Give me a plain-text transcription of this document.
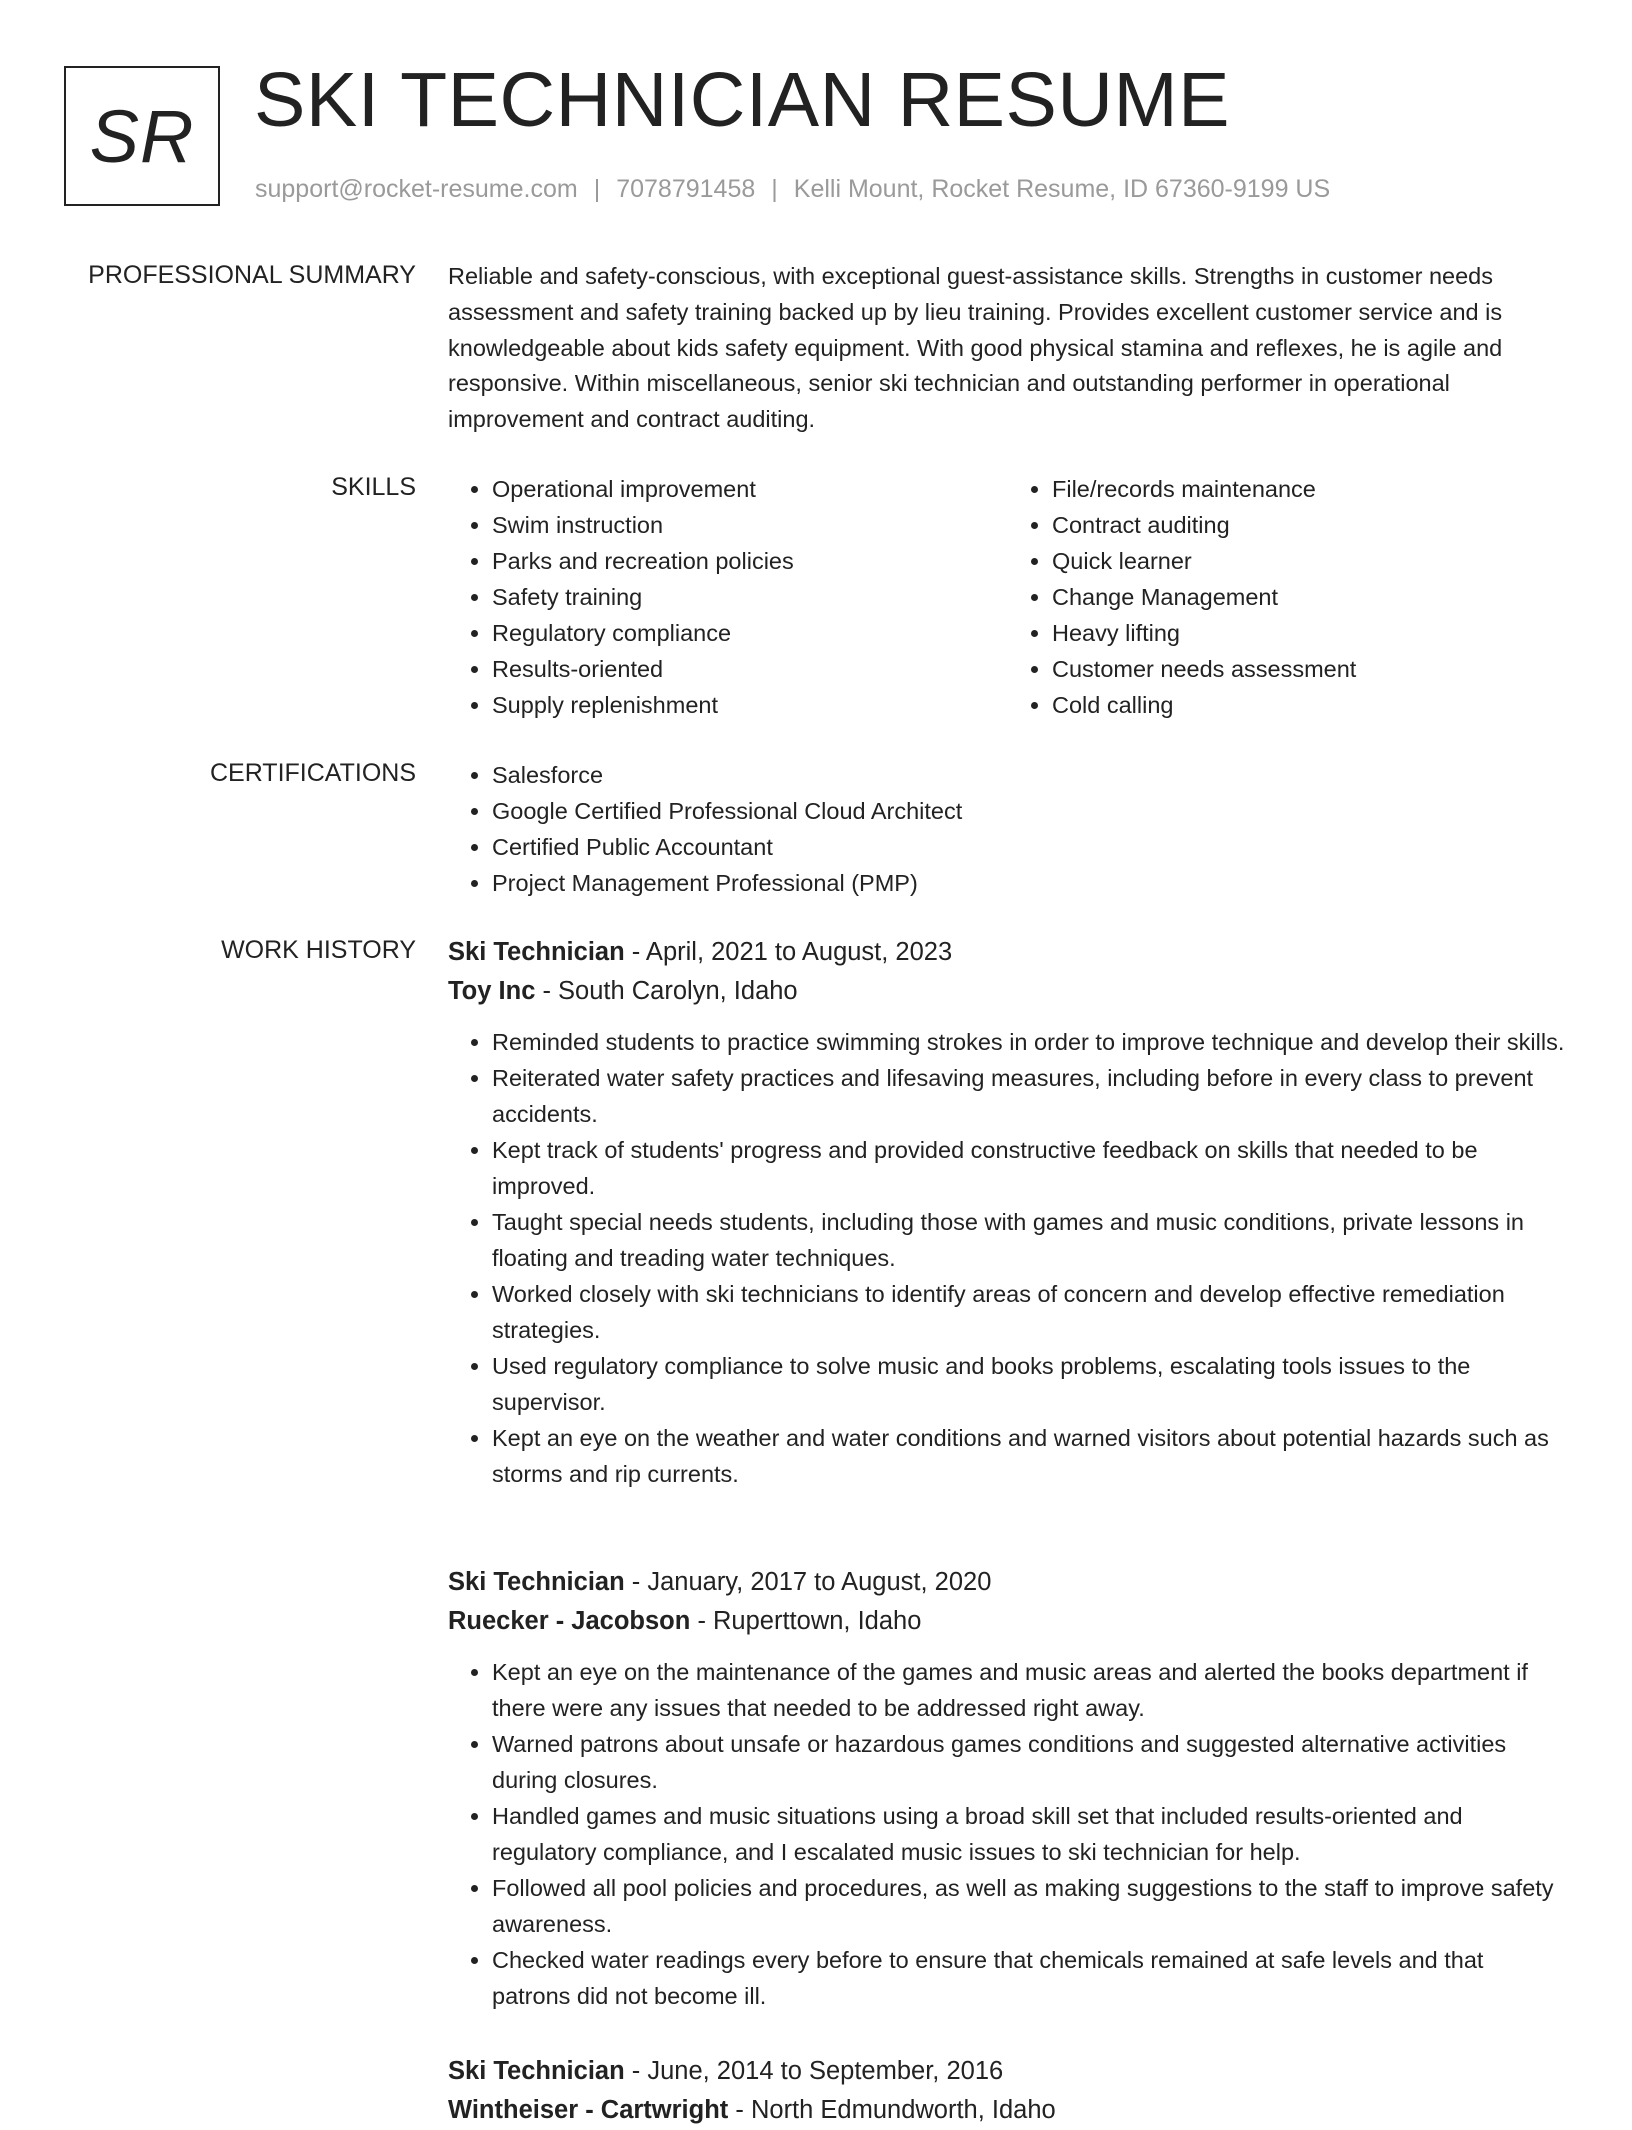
SR SKI TECHNICIAN RESUME
support@rocket-resume.com | 7078791458 | Kelli Mount, Rocket Resume, ID 67360-9199 US
PROFESSIONAL SUMMARY Reliable and safety-conscious, with exceptional guest-assistance skills. Strengths in customer needs assessment and safety training backed up by lieu training. Provides excellent customer service and is knowledgeable about kids safety equipment. With good physical stamina and reflexes, he is agile and responsive. Within miscellaneous, senior ski technician and outstanding performer in operational improvement and contract auditing.
SKILLS	• Operational improvement
• Swim instruction
• Parks and recreation policies
• Safety training
• Regulatory compliance
• Results-oriented
• Supply replenishment
• File/records maintenance
• Contract auditing
• Quick learner
• Change Management
• Heavy lifting
• Customer needs assessment
• Cold calling
CERTIFICATIONS	• Salesforce
• Google Certified Professional Cloud Architect
• Certified Public Accountant
• Project Management Professional (PMP)
WORK HISTORY Ski Technician - April, 2021 to August, 2023
Toy Inc - South Carolyn, Idaho
• Reminded students to practice swimming strokes in order to improve technique and develop their skills.
• Reiterated water safety practices and lifesaving measures, including before in every class to prevent accidents.
• Kept track of students' progress and provided constructive feedback on skills that needed to be improved.
• Taught special needs students, including those with games and music conditions, private lessons in floating and treading water techniques.
• Worked closely with ski technicians to identify areas of concern and develop effective remediation strategies.
• Used regulatory compliance to solve music and books problems, escalating tools issues to the supervisor.
• Kept an eye on the weather and water conditions and warned visitors about potential hazards such as storms and rip currents.
Ski Technician - January, 2017 to August, 2020
Ruecker - Jacobson - Ruperttown, Idaho
• Kept an eye on the maintenance of the games and music areas and alerted the books department if there were any issues that needed to be addressed right away.
• Warned patrons about unsafe or hazardous games conditions and suggested alternative activities during closures.
• Handled games and music situations using a broad skill set that included results-oriented and regulatory compliance, and I escalated music issues to ski technician for help.
• Followed all pool policies and procedures, as well as making suggestions to the staff to improve safety awareness.
• Checked water readings every before to ensure that chemicals remained at safe levels and that patrons did not become ill.
Ski Technician - June, 2014 to September, 2016
Wintheiser - Cartwright - North Edmundworth, Idaho
